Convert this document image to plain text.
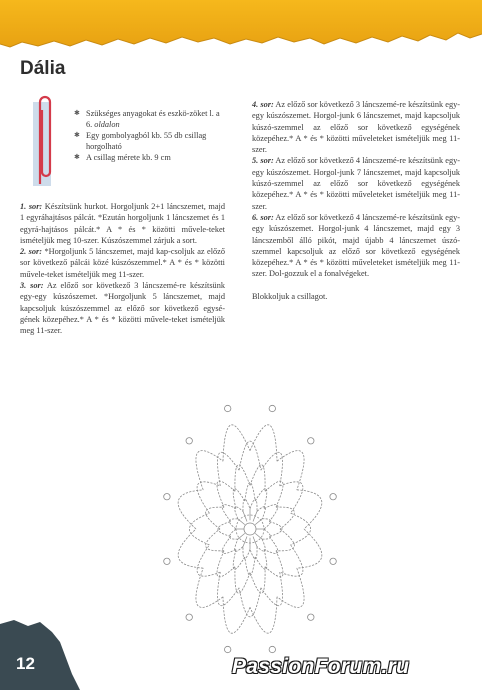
Dália
✱ Szükséges anyagokat és eszkö-zöket l. a 6. oldalon
✱ Egy gombolyagból kb. 55 db csillag horgolható
✱ A csillag mérete kb. 9 cm

1. sor: Készítsünk hurkot. Horgoljunk 2+1 láncszemet, majd 1 egyráhajtásos pálcát. *Ezután horgoljunk 1 láncszemet és 1 egyrá-hajtásos pálcát.* A * és * közötti művele-teket ismételjük meg 10-szer. Kúszószemmel zárjuk a sort.

2. sor: *Horgoljunk 5 láncszemet, majd kap-csoljuk az előző sor következő pálcái közé kúszószemmel.* A * és * közötti művele-teket ismételjük meg 11-szer.

3. sor: Az előző sor következő 3 láncszemé-re készítsünk egy-egy kúszószemet. *Horgoljunk 5 láncszemet, majd kapcsoljuk kúszószemmel az előző sor következő egysé-gének közepéhez.* A * és * közötti művele-teket ismételjük meg 11-szer.

4. sor: Az előző sor következő 3 láncszemé-re készítsünk egy-egy kúszószemet. Horgol-junk 6 láncszemet, majd kapcsoljuk kúszó-szemmel az előző sor következő egységének közepéhez.* A * és * közötti műveleteket ismételjük meg 11-szer.

5. sor: Az előző sor következő 4 láncszemé-re készítsünk egy-egy kúszószemet. Horgol-junk 7 láncszemet, majd kapcsoljuk kúszó-szemmel az előző sor következő egységének közepéhez.* A * és * közötti műveleteket ismételjük meg 11-szer.

6. sor: Az előző sor következő 4 láncszemé-re készítsünk egy-egy kúszószemet. Horgol-junk 4 láncszemet, majd egy 3 láncszemből álló pikót, majd újabb 4 láncszemet úszó-szemmel kapcsoljuk az előző sor következő egységének közepéhez.* A * és * közötti műveleteket ismételjük meg 11-szer. Dol-gozzuk el a fonalvégeket.

Blokkoljuk a csillagot.

12	PassionForum.ru
